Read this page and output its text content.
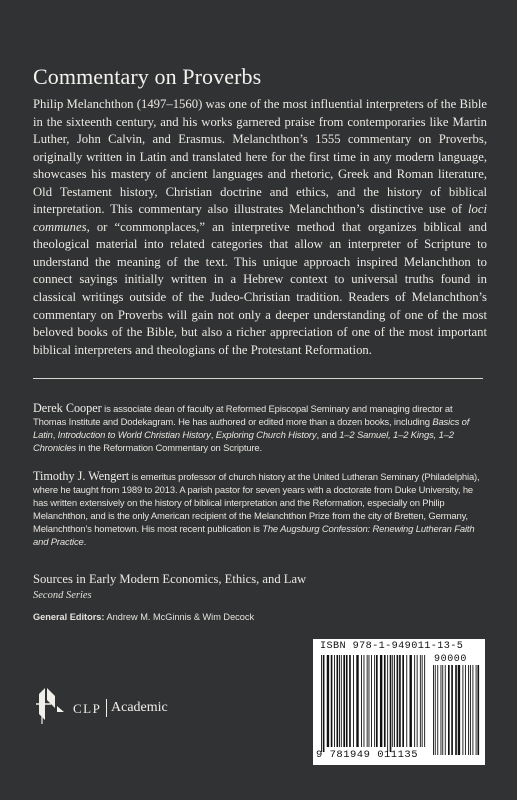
Commentary on Proverbs

Philip Melanchthon (1497–1560) was one of the most influential interpreters of the Bible in the sixteenth century, and his works garnered praise from contemporaries like Martin Luther, John Calvin, and Erasmus. Melanchthon’s 1555 commentary on Proverbs, originally written in Latin and translated here for the first time in any modern language, showcases his mastery of ancient languages and rhetoric, Greek and Roman literature, Old Testament history, Christian doctrine and ethics, and the history of biblical interpretation. This commentary also illustrates Melanchthon’s distinctive use of loci communes, or “commonplaces,” an interpretive method that organizes biblical and theological material into related categories that allow an interpreter of Scripture to understand the meaning of the text. This unique approach inspired Melanchthon to connect sayings initially written in a Hebrew context to universal truths found in classical writings outside of the Judeo-Christian tradition. Readers of Melanchthon’s commentary on Proverbs will gain not only a deeper understanding of one of the most beloved books of the Bible, but also a richer appreciation of one of the most important biblical interpreters and theologians of the Protestant Reformation.

Derek Cooper is associate dean of faculty at Reformed Episcopal Seminary and managing director at Thomas Institute and Dodekagram. He has authored or edited more than a dozen books, including Basics of Latin, Introduction to World Christian History, Exploring Church History, and 1–2 Samuel, 1–2 Kings, 1–2 Chronicles in the Reformation Commentary on Scripture.

Timothy J. Wengert is emeritus professor of church history at the United Lutheran Seminary (Philadelphia), where he taught from 1989 to 2013. A parish pastor for seven years with a doctorate from Duke University, he has written extensively on the history of biblical interpretation and the Reformation, especially on Philip Melanchthon, and is the only American recipient of the Melanchthon Prize from the city of Bretten, Germany, Melanchthon’s hometown. His most recent publication is The Augsburg Confession: Renewing Lutheran Faith and Practice.

Sources in Early Modern Economics, Ethics, and Law
Second Series
General Editors: Andrew M. McGinnis & Wim Decock
CLP Academic
ISBN 978-1-949011-13-5
90000
9 781949 011135
